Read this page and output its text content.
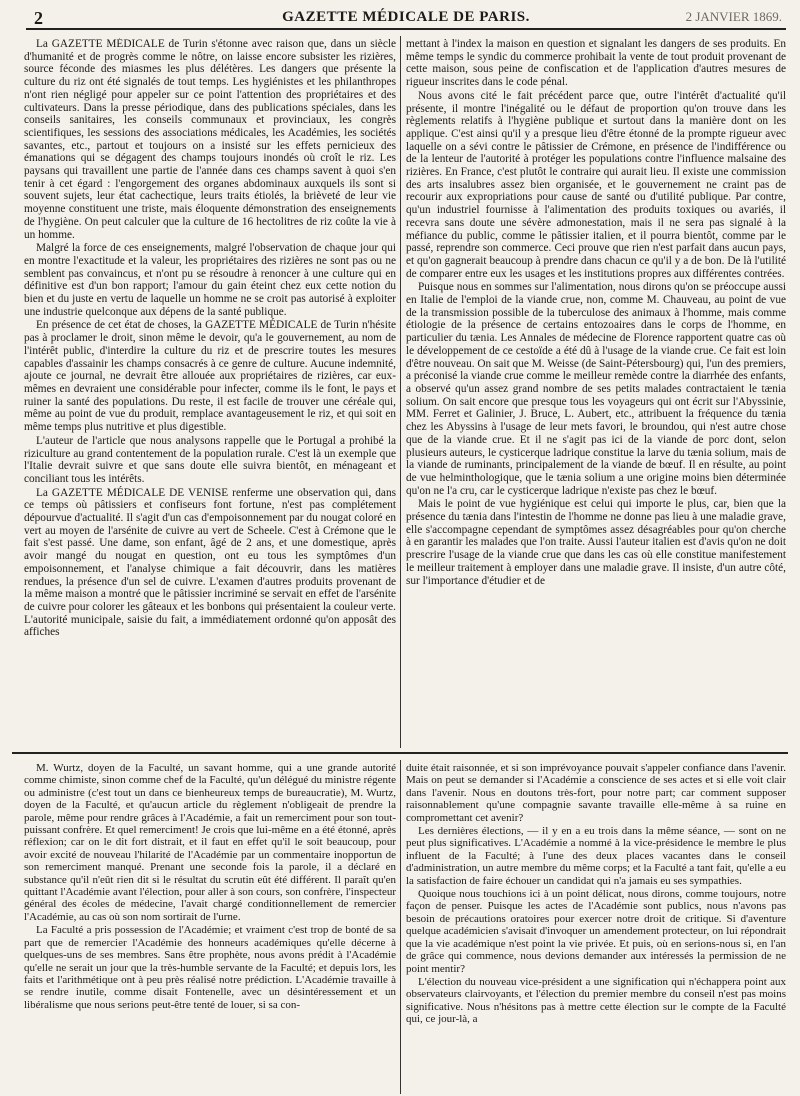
2	GAZETTE MÉDICALE DE PARIS.	2 JANVIER 1869.

La GAZETTE MÉDICALE de Turin s'étonne avec raison que, dans un siècle d'humanité et de progrès comme le nôtre, on laisse encore subsister les rizières, source féconde des miasmes les plus délétères. Les dangers que présente la culture du riz ont été signalés de tout temps. Les hygiénistes et les philanthropes n'ont rien négligé pour appeler sur ce point l'attention des propriétaires et des cultivateurs. Dans la presse périodique, dans des publications spéciales, dans les conseils sanitaires, les conseils communaux et provinciaux, les congrès scientifiques, les sessions des associations médicales, les Académies, les sociétés savantes, etc., partout et toujours on a insisté sur les effets pernicieux des émanations qui se dégagent des champs toujours inondés où croît le riz. Les paysans qui travaillent une partie de l'année dans ces champs savent à quoi s'en tenir à cet égard : l'engorgement des organes abdominaux auxquels ils sont si souvent sujets, leur état cachectique, leurs traits étiolés, la brièveté de leur vie moyenne constituent une triste, mais éloquente démonstration des enseignements de l'hygiène. On peut calculer que la culture de 16 hectolitres de riz coûte la vie à un homme.

Malgré la force de ces enseignements, malgré l'observation de chaque jour qui en montre l'exactitude et la valeur, les propriétaires des rizières ne sont pas ou ne semblent pas convaincus, et n'ont pu se résoudre à renoncer à une culture qui en définitive est d'un bon rapport; l'amour du gain éteint chez eux cette notion du bien et du juste en vertu de laquelle un homme ne se croit pas autorisé à exploiter une industrie quelconque aux dépens de la santé publique.

En présence de cet état de choses, la GAZETTE MÉDICALE de Turin n'hésite pas à proclamer le droit, sinon même le devoir, qu'a le gouvernement, au nom de l'intérêt public, d'interdire la culture du riz et de prescrire toutes les mesures capables d'assainir les champs consacrés à ce genre de culture. Aucune indemnité, ajoute ce journal, ne devrait être allouée aux propriétaires de rizières, car eux-mêmes en devraient une considérable pour infecter, comme ils le font, le pays et ruiner la santé des populations. Du reste, il est facile de trouver une céréale qui, même au point de vue du produit, remplace avantageusement le riz, et qui soit en même temps plus nutritive et plus digestible.

L'auteur de l'article que nous analysons rappelle que le Portugal a prohibé la riziculture au grand contentement de la population rurale. C'est là un exemple que l'Italie devrait suivre et que sans doute elle suivra bientôt, en ménageant et conciliant tous les intérêts.

La GAZETTE MÉDICALE DE VENISE renferme une observation qui, dans ce temps où pâtissiers et confiseurs font fortune, n'est pas complétement dépourvue d'actualité. Il s'agit d'un cas d'empoisonnement par du nougat coloré en vert au moyen de l'arsénite de cuivre au vert de Scheele. C'est à Crémone que le fait s'est passé. Une dame, son enfant, âgé de 2 ans, et une domestique, après avoir mangé du nougat en question, ont eu tous les symptômes d'un empoisonnement, et l'analyse chimique a fait découvrir, dans les matières rendues, la présence d'un sel de cuivre. L'examen d'autres produits provenant de la même maison a montré que le pâtissier incriminé se servait en effet de l'arsénite de cuivre pour colorer les gâteaux et les bonbons qui présentaient la couleur verte. L'autorité municipale, saisie du fait, a immédiatement ordonné qu'on apposât des affiches

mettant à l'index la maison en question et signalant les dangers de ses produits. En même temps le syndic du commerce prohibait la vente de tout produit provenant de cette maison, sous peine de confiscation et de l'application d'autres mesures de rigueur inscrites dans le code pénal.

Nous avons cité le fait précédent parce que, outre l'intérêt d'actualité qu'il présente, il montre l'inégalité ou le défaut de proportion qu'on trouve dans les règlements relatifs à l'hygiène publique et surtout dans la manière dont on les applique. C'est ainsi qu'il y a presque lieu d'être étonné de la prompte rigueur avec laquelle on a sévi contre le pâtissier de Crémone, en présence de l'indifférence ou de la lenteur de l'autorité à protéger les populations contre l'influence malsaine des rizières. En France, c'est plutôt le contraire qui aurait lieu. Il existe une commission des arts insalubres assez bien organisée, et le gouvernement ne craint pas de recourir aux expropriations pour cause de santé ou d'utilité publique. Par contre, qu'un industriel fournisse à l'alimentation des produits toxiques ou avariés, il recevra sans doute une sévère admonestation, mais il ne sera pas signalé à la méfiance du public, comme le pâtissier italien, et il pourra bientôt, comme par le passé, reprendre son commerce. Ceci prouve que rien n'est parfait dans aucun pays, et qu'on gagnerait beaucoup à prendre dans chacun ce qu'il y a de bon. De là l'utilité de comparer entre eux les usages et les institutions propres aux différentes contrées.

Puisque nous en sommes sur l'alimentation, nous dirons qu'on se préoccupe aussi en Italie de l'emploi de la viande crue, non, comme M. Chauveau, au point de vue de la transmission possible de la tuberculose des animaux à l'homme, mais comme étiologie de la présence de certains entozoaires dans le corps de l'homme, en particulier du tænia. Les Annales de médecine de Florence rapportent quatre cas où le développement de ce cestoïde a été dû à l'usage de la viande crue. Ce fait est loin d'être nouveau. On sait que M. Weisse (de Saint-Pétersbourg) qui, l'un des premiers, a préconisé la viande crue comme le meilleur remède contre la diarrhée des enfants, a observé qu'un assez grand nombre de ses petits malades contractaient le tænia solium. On sait encore que presque tous les voyageurs qui ont écrit sur l'Abyssinie, MM. Ferret et Galinier, J. Bruce, L. Aubert, etc., attribuent la fréquence du tænia chez les Abyssins à l'usage de leur mets favori, le broundou, qui n'est autre chose que de la viande crue. Et il ne s'agit pas ici de la viande de porc dont, selon plusieurs auteurs, le cysticerque ladrique constitue la larve du tænia solium, mais de la viande de ruminants, principalement de la viande de bœuf. Il en résulte, au point de vue helminthologique, que le tænia solium a une origine moins bien déterminée qu'on ne l'a cru, car le cysticerque ladrique n'existe pas chez le bœuf.

Mais le point de vue hygiénique est celui qui importe le plus, car, bien que la présence du tænia dans l'intestin de l'homme ne donne pas lieu à une maladie grave, elle s'accompagne cependant de symptômes assez désagréables pour qu'on cherche à en garantir les malades que l'on traite. Aussi l'auteur italien est d'avis qu'on ne doit prescrire l'usage de la viande crue que dans les cas où elle constitue manifestement le meilleur traitement à employer dans une maladie grave. Il insiste, d'un autre côté, sur l'importance d'étudier et de

M. Wurtz, doyen de la Faculté, un savant homme, qui a une grande autorité comme chimiste, sinon comme chef de la Faculté, qu'un délégué du ministre régente ou administre (c'est tout un dans ce bienheureux temps de bureaucratie), M. Wurtz, doyen de la Faculté, et qu'aucun article du règlement n'obligeait de prendre la parole, même pour rendre grâces à l'Académie, a fait un remerciment pour son tout-puissant confrère. Et quel remerciment! Je crois que lui-même en a été étonné, après réflexion; car on le dit fort distrait, et il faut en effet qu'il le soit beaucoup, pour avoir excité de nouveau l'hilarité de l'Académie par un commentaire inopportun de son remerciment manqué. Prenant une seconde fois la parole, il a déclaré en substance qu'il n'eût rien dit si le résultat du scrutin eût été différent. Il paraît qu'en quittant l'Académie avant l'élection, pour aller à son cours, son confrère, l'inspecteur général des écoles de médecine, l'avait chargé conditionnellement de remercier l'Académie, au cas où son nom sortirait de l'urne.

La Faculté a pris possession de l'Académie; et vraiment c'est trop de bonté de sa part que de remercier l'Académie des honneurs académiques qu'elle décerne à quelques-uns de ses membres. Sans être prophète, nous avons prédit à l'Académie qu'elle ne serait un jour que la très-humble servante de la Faculté; et depuis lors, les faits et l'arithmétique ont à peu près réalisé notre prédiction. L'Académie travaille à se rendre inutile, comme disait Fontenelle, avec un désintéressement et un libéralisme que nous serions peut-être tenté de louer, si sa con-

duite était raisonnée, et si son imprévoyance pouvait s'appeler confiance dans l'avenir. Mais on peut se demander si l'Académie a conscience de ses actes et si elle voit clair dans l'avenir. Nous en doutons très-fort, pour notre part; car comment supposer raisonnablement qu'une compagnie savante travaille elle-même à sa ruine en compromettant cet avenir?

Les dernières élections, — il y en a eu trois dans la même séance, — sont on ne peut plus significatives. L'Académie a nommé à la vice-présidence le membre le plus influent de la Faculté; à l'une des deux places vacantes dans le conseil d'administration, un autre membre du même corps; et la Faculté a tant fait, qu'elle a eu la satisfaction de faire échouer un candidat qui n'a jamais eu ses sympathies.

Quoique nous touchions ici à un point délicat, nous dirons, comme toujours, notre façon de penser. Puisque les actes de l'Académie sont publics, nous n'avons pas besoin de précautions oratoires pour exercer notre droit de critique. Si d'aventure quelque académicien s'avisait d'invoquer un amendement protecteur, on lui répondrait que la vie académique n'est point la vie privée. Et puis, où en serions-nous si, en l'an de grâce qui commence, nous devions demander aux intéressés la permission de ne point mentir?

L'élection du nouveau vice-président a une signification qui n'échappera point aux observateurs clairvoyants, et l'élection du premier membre du conseil n'est pas moins significative. Nous n'hésitons pas à mettre cette élection sur le compte de la Faculté qui, ce jour-là, a
